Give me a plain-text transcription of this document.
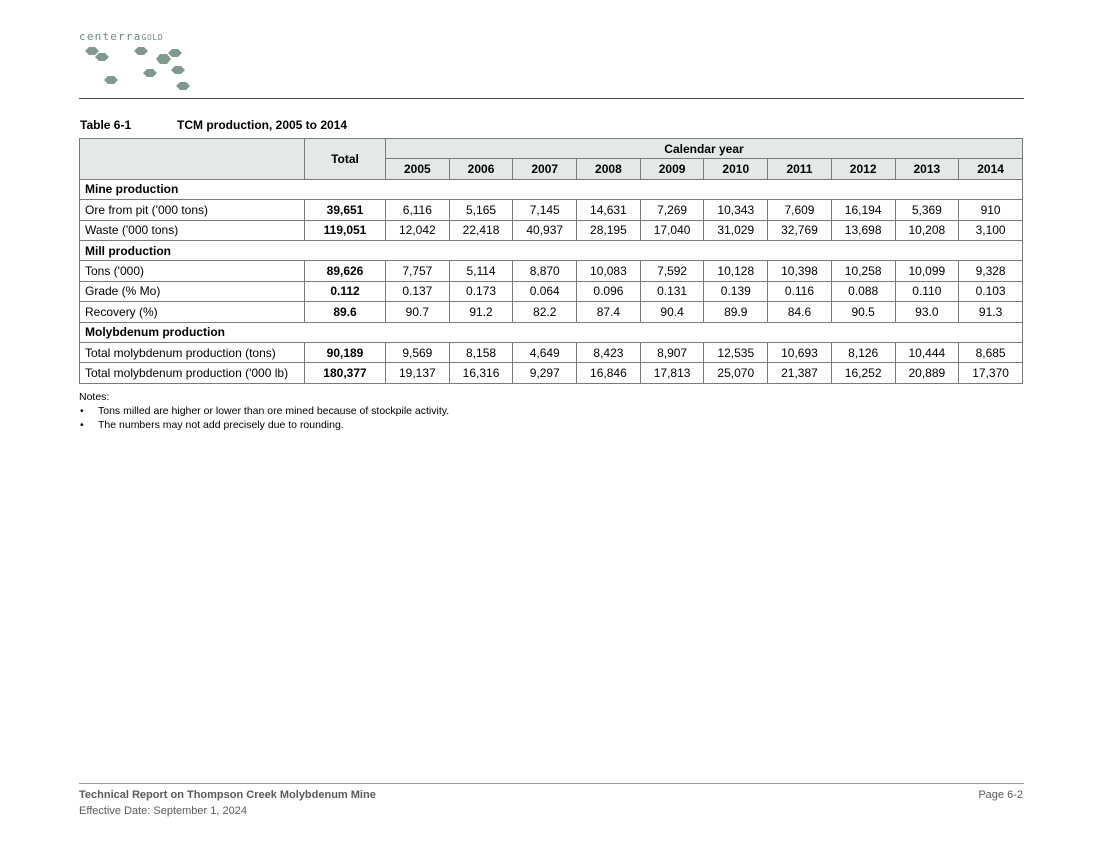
centerraGOLD
Table 6-1	TCM production, 2005 to 2014
	Total	Calendar year									
		2005	2006	2007	2008	2009	2010	2011	2012	2013	2014
Mine production											
Ore from pit ('000 tons)	39,651	6,116	5,165	7,145	14,631	7,269	10,343	7,609	16,194	5,369	910
Waste ('000 tons)	119,051	12,042	22,418	40,937	28,195	17,040	31,029	32,769	13,698	10,208	3,100
Mill production											
Tons ('000)	89,626	7,757	5,114	8,870	10,083	7,592	10,128	10,398	10,258	10,099	9,328
Grade (% Mo)	0.112	0.137	0.173	0.064	0.096	0.131	0.139	0.116	0.088	0.110	0.103
Recovery (%)	89.6	90.7	91.2	82.2	87.4	90.4	89.9	84.6	90.5	93.0	91.3
Molybdenum production											
Total molybdenum production (tons)	90,189	9,569	8,158	4,649	8,423	8,907	12,535	10,693	8,126	10,444	8,685
Total molybdenum production ('000 lb)	180,377	19,137	16,316	9,297	16,846	17,813	25,070	21,387	16,252	20,889	17,370
Notes:
• Tons milled are higher or lower than ore mined because of stockpile activity.
• The numbers may not add precisely due to rounding.
Technical Report on Thompson Creek Molybdenum Mine
Effective Date: September 1, 2024
Page 6-2
